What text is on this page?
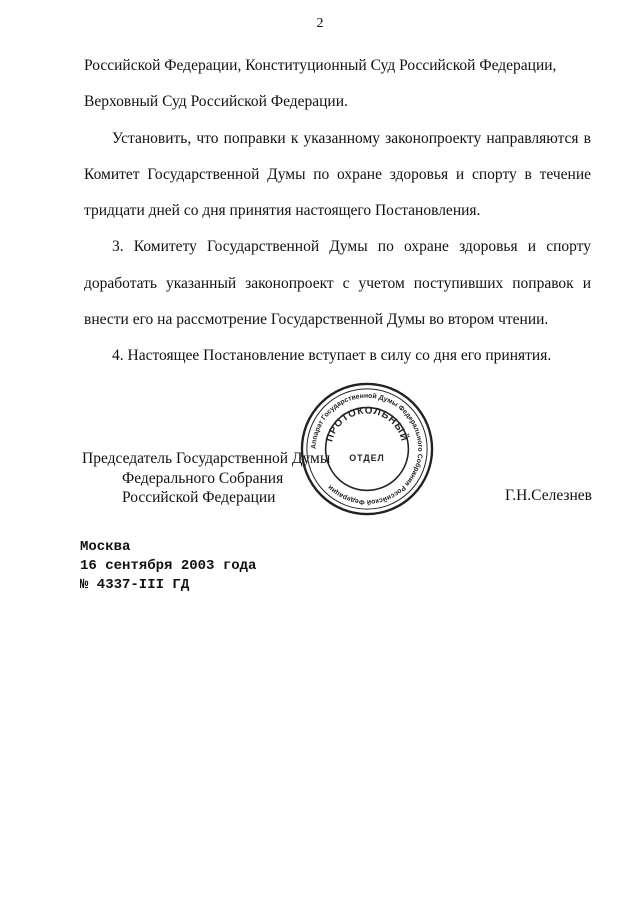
2

Российской Федерации, Конституционный Суд Российской Федерации,

Верховный Суд Российской Федерации.

Установить, что поправки к указанному законопроекту направляются в Комитет Государственной Думы по охране здоровья и спорту в течение тридцати дней со дня принятия настоящего Постановления.

3. Комитету Государственной Думы по охране здоровья и спорту доработать указанный законопроект с учетом поступивших поправок и внести его на рассмотрение Государственной Думы во втором чтении.

4. Настоящее Постановление вступает в силу со дня его принятия.

Председатель Государственной Думы
Федерального Собрания
Российской Федерации	Г.Н.Селезнев
Аппарат Государственной Думы Федерального Собрания Российской Федерации
ПРОТОКОЛЬНЫЙ
ОТДЕЛ
Москва
16 сентября 2003 года
№ 4337-III ГД
